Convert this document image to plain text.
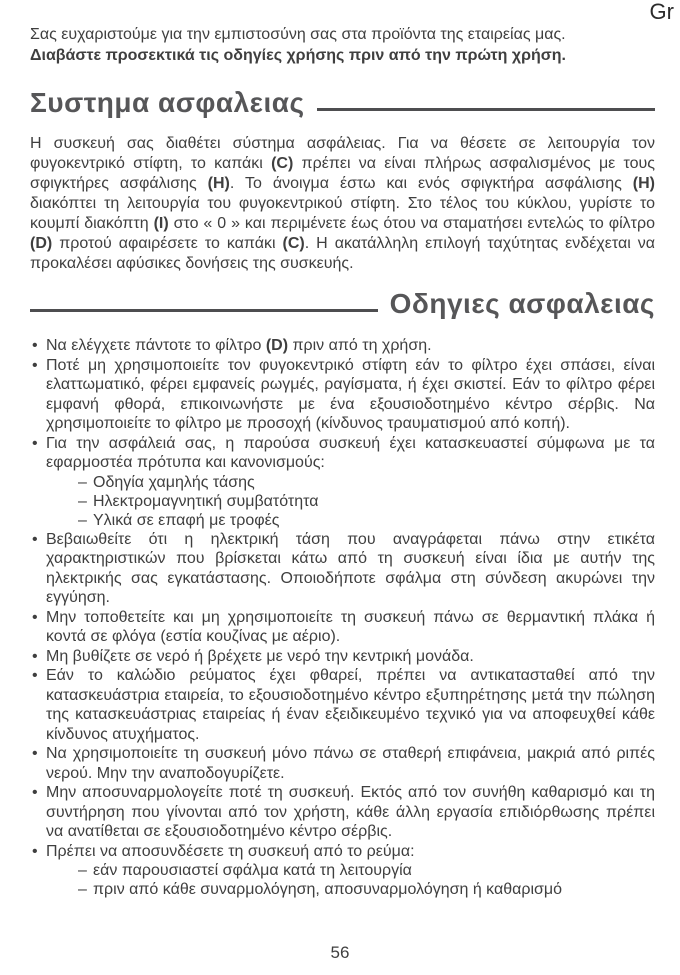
Gr

Σας ευχαριστούμε για την εμπιστοσύνη σας στα προϊόντα της εταιρείας μας.

Διαβάστε προσεκτικά τις οδηγίες χρήσης πριν από την πρώτη χρήση.

Συστημα ασφαλειας

Η συσκευή σας διαθέτει σύστημα ασφάλειας. Για να θέσετε σε λειτουργία τον φυγοκεντρικό στίφτη, το καπάκι (C) πρέπει να είναι πλήρως ασφαλισμένος με τους σφιγκτήρες ασφάλισης (H). Το άνοιγμα έστω και ενός σφιγκτήρα ασφάλισης (H) διακόπτει τη λειτουργία του φυγοκεντρικού στίφτη. Στο τέλος του κύκλου, γυρίστε το κουμπί διακόπτη (I) στο « 0 » και περιμένετε έως ότου να σταματήσει εντελώς το φίλτρο (D) προτού αφαιρέσετε το καπάκι (C). Η ακατάλληλη επιλογή ταχύτητας ενδέχεται να προκαλέσει αφύσικες δονήσεις της συσκευής.

Οδηγιες ασφαλειας
• Να ελέγχετε πάντοτε το φίλτρο (D) πριν από τη χρήση.
• Ποτέ μη χρησιμοποιείτε τον φυγοκεντρικό στίφτη εάν το φίλτρο έχει σπάσει, είναι ελαττωματικό, φέρει εμφανείς ρωγμές, ραγίσματα, ή έχει σκιστεί. Εάν το φίλτρο φέρει εμφανή φθορά, επικοινωνήστε με ένα εξουσιοδοτημένο κέντρο σέρβις. Να χρησιμοποιείτε το φίλτρο με προσοχή (κίνδυνος τραυματισμού από κοπή).
• Για την ασφάλειά σας, η παρούσα συσκευή έχει κατασκευαστεί σύμφωνα με τα εφαρμοστέα πρότυπα και κανονισμούς:
– Οδηγία χαμηλής τάσης
– Ηλεκτρομαγνητική συμβατότητα
– Υλικά σε επαφή με τροφές
• Βεβαιωθείτε ότι η ηλεκτρική τάση που αναγράφεται πάνω στην ετικέτα χαρακτηριστικών που βρίσκεται κάτω από τη συσκευή είναι ίδια με αυτήν της ηλεκτρικής σας εγκατάστασης. Οποιοδήποτε σφάλμα στη σύνδεση ακυρώνει την εγγύηση.
• Μην τοποθετείτε και μη χρησιμοποιείτε τη συσκευή πάνω σε θερμαντική πλάκα ή κοντά σε φλόγα (εστία κουζίνας με αέριο).
• Μη βυθίζετε σε νερό ή βρέχετε με νερό την κεντρική μονάδα.
• Εάν το καλώδιο ρεύματος έχει φθαρεί, πρέπει να αντικατασταθεί από την κατασκευάστρια εταιρεία, το εξουσιοδοτημένο κέντρο εξυπηρέτησης μετά την πώληση της κατασκευάστριας εταιρείας ή έναν εξειδικευμένο τεχνικό για να αποφευχθεί κάθε κίνδυνος ατυχήματος.
• Να χρησιμοποιείτε τη συσκευή μόνο πάνω σε σταθερή επιφάνεια, μακριά από ριπές νερού. Μην την αναποδογυρίζετε.
• Μην αποσυναρμολογείτε ποτέ τη συσκευή. Εκτός από τον συνήθη καθαρισμό και τη συντήρηση που γίνονται από τον χρήστη, κάθε άλλη εργασία επιδιόρθωσης πρέπει να ανατίθεται σε εξουσιοδοτημένο κέντρο σέρβις.
• Πρέπει να αποσυνδέσετε τη συσκευή από το ρεύμα:
– εάν παρουσιαστεί σφάλμα κατά τη λειτουργία
– πριν από κάθε συναρμολόγηση, αποσυναρμολόγηση ή καθαρισμό
56
